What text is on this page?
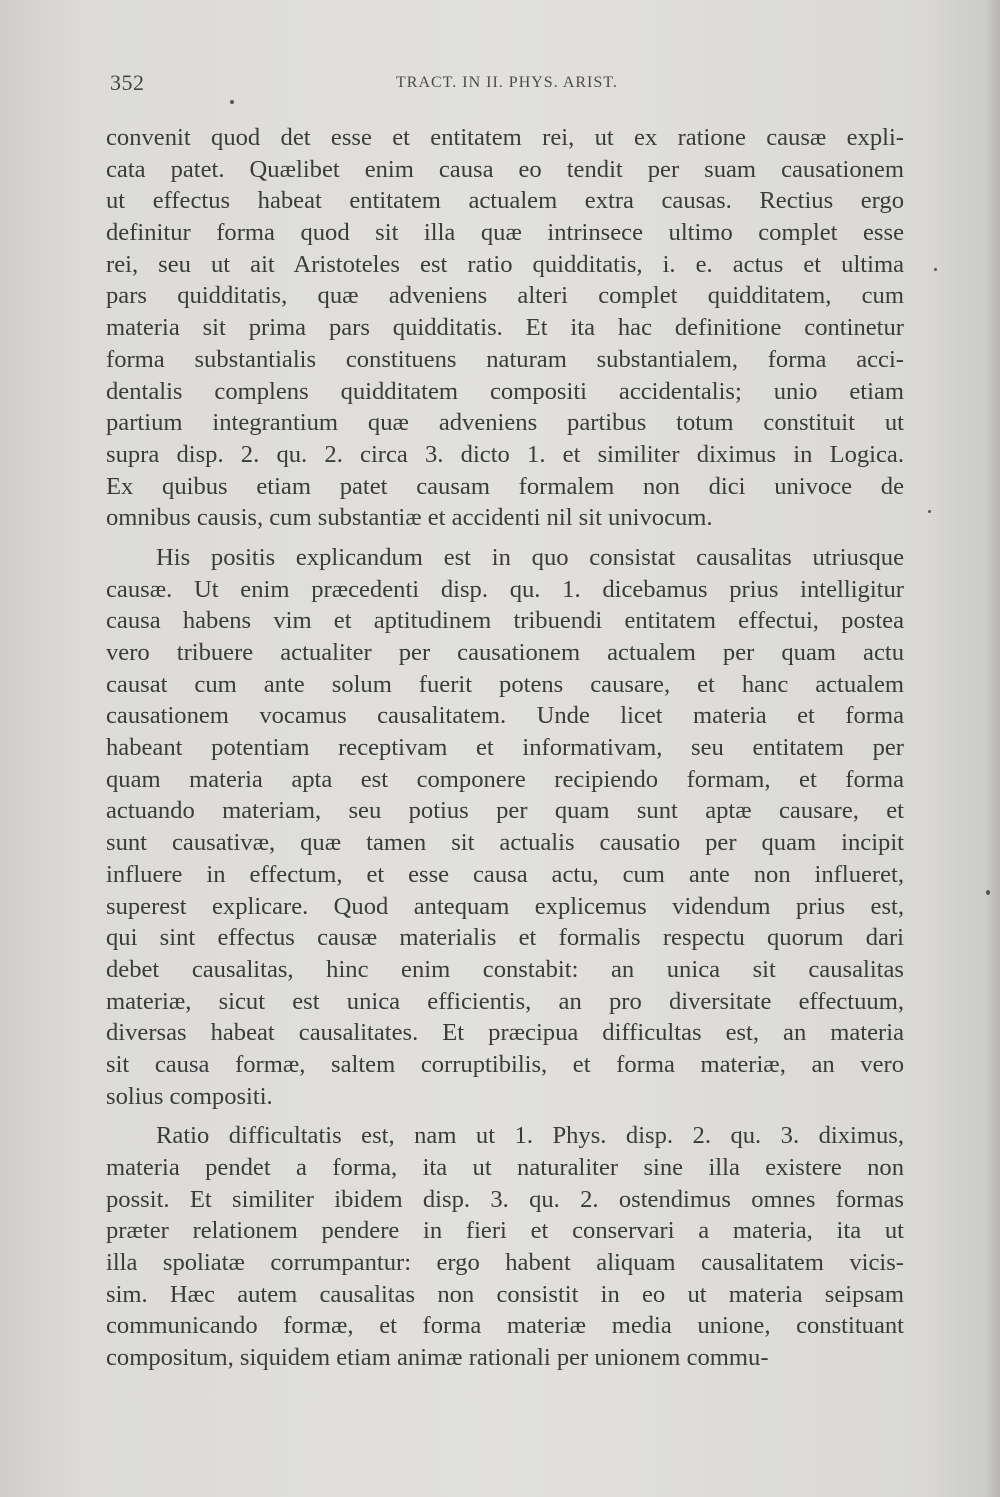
352	TRACT. IN II. PHYS. ARIST.
convenit quod det esse et entitatem rei, ut ex ratione causæ expli-
cata patet. Quælibet enim causa eo tendit per suam causationem
ut effectus habeat entitatem actualem extra causas. Rectius ergo
definitur forma quod sit illa quæ intrinsece ultimo complet esse
rei, seu ut ait Aristoteles est ratio quidditatis, i. e. actus et ultima
pars quidditatis, quæ adveniens alteri complet quidditatem, cum
materia sit prima pars quidditatis. Et ita hac definitione continetur
forma substantialis constituens naturam substantialem, forma acci-
dentalis complens quidditatem compositi accidentalis; unio etiam
partium integrantium quæ adveniens partibus totum constituit ut
supra disp. 2. qu. 2. circa 3. dicto 1. et similiter diximus in Logica.
Ex quibus etiam patet causam formalem non dici univoce de
omnibus causis, cum substantiæ et accidenti nil sit univocum.
His positis explicandum est in quo consistat causalitas utriusque
causæ. Ut enim præcedenti disp. qu. 1. dicebamus prius intelligitur
causa habens vim et aptitudinem tribuendi entitatem effectui, postea
vero tribuere actualiter per causationem actualem per quam actu
causat cum ante solum fuerit potens causare, et hanc actualem
causationem vocamus causalitatem. Unde licet materia et forma
habeant potentiam receptivam et informativam, seu entitatem per
quam materia apta est componere recipiendo formam, et forma
actuando materiam, seu potius per quam sunt aptæ causare, et
sunt causativæ, quæ tamen sit actualis causatio per quam incipit
influere in effectum, et esse causa actu, cum ante non influeret,
superest explicare. Quod antequam explicemus videndum prius est,
qui sint effectus causæ materialis et formalis respectu quorum dari
debet causalitas, hinc enim constabit: an unica sit causalitas
materiæ, sicut est unica efficientis, an pro diversitate effectuum,
diversas habeat causalitates. Et præcipua difficultas est, an materia
sit causa formæ, saltem corruptibilis, et forma materiæ, an vero
solius compositi.
Ratio difficultatis est, nam ut 1. Phys. disp. 2. qu. 3. diximus,
materia pendet a forma, ita ut naturaliter sine illa existere non
possit. Et similiter ibidem disp. 3. qu. 2. ostendimus omnes formas
præter relationem pendere in fieri et conservari a materia, ita ut
illa spoliatæ corrumpantur: ergo habent aliquam causalitatem vicis-
sim. Hæc autem causalitas non consistit in eo ut materia seipsam
communicando formæ, et forma materiæ media unione, constituant
compositum, siquidem etiam animæ rationali per unionem commu-
